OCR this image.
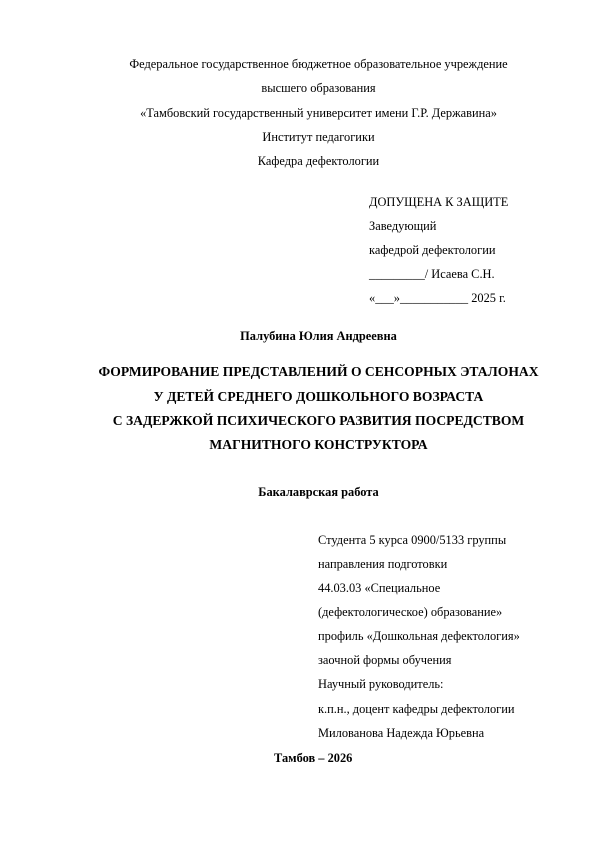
Федеральное государственное бюджетное образовательное учреждение
высшего образования
«Тамбовский государственный университет имени Г.Р. Державина»
Институт педагогики
Кафедра дефектологии
ДОПУЩЕНА К ЗАЩИТЕ
Заведующий
кафедрой дефектологии
_________/ Исаева С.Н.
«___»___________ 2025 г.
Палубина Юлия Андреевна
ФОРМИРОВАНИЕ ПРЕДСТАВЛЕНИЙ О СЕНСОРНЫХ ЭТАЛОНАХ
У ДЕТЕЙ СРЕДНЕГО ДОШКОЛЬНОГО ВОЗРАСТА
С ЗАДЕРЖКОЙ ПСИХИЧЕСКОГО РАЗВИТИЯ ПОСРЕДСТВОМ
МАГНИТНОГО КОНСТРУКТОРА
Бакалаврская работа
Студента 5 курса 0900/5133 группы
направления подготовки
44.03.03 «Специальное
(дефектологическое) образование»
профиль «Дошкольная дефектология»
заочной формы обучения
Научный руководитель:
к.п.н., доцент кафедры дефектологии
Милованова Надежда Юрьевна
Тамбов – 2026
